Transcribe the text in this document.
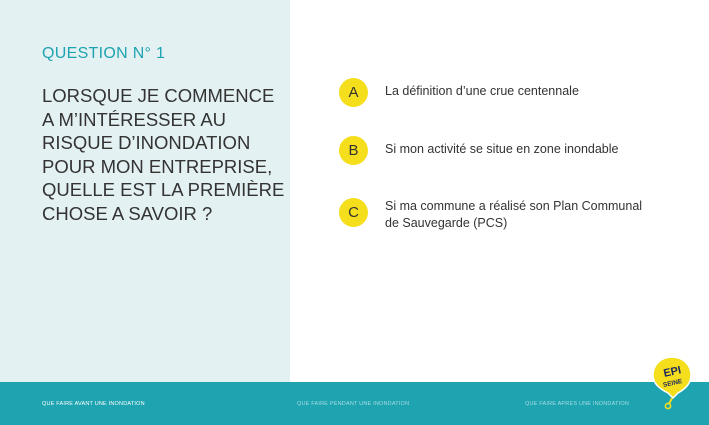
QUESTION N° 1
LORSQUE JE COMMENCE
A M’INTÉRESSER AU
RISQUE D’INONDATION
POUR MON ENTREPRISE,
QUELLE EST LA PREMIÈRE
CHOSE A SAVOIR ?
A	La définition d’une crue centennale
B	Si mon activité se situe en zone inondable
C	Si ma commune a réalisé son Plan Communal
de Sauvegarde (PCS)
QUE FAIRE AVANT UNE INONDATION	QUE FAIRE PENDANT UNE INONDATION	QUE FAIRE APRES UNE INONDATION
EPI
SEINE
